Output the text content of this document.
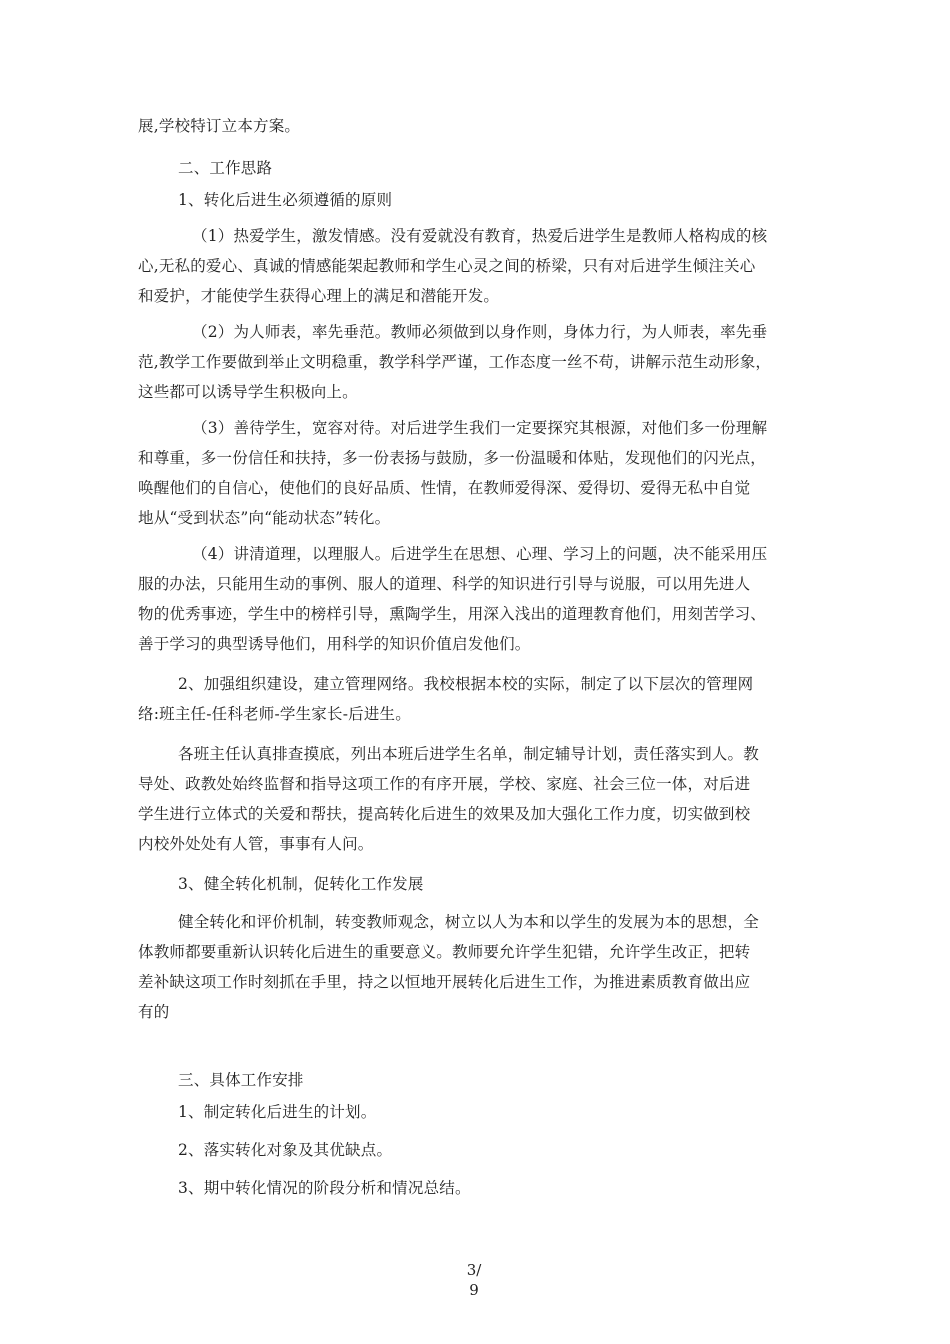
展,学校特订立本方案。
二、工作思路
1、转化后进生必须遵循的原则
（1）热爱学生，激发情感。没有爱就没有教育，热爱后进学生是教师人格构成的核
心,无私的爱心、真诚的情感能架起教师和学生心灵之间的桥梁，只有对后进学生倾注关心
和爱护，才能使学生获得心理上的满足和潜能开发。
（2）为人师表，率先垂范。教师必须做到以身作则，身体力行，为人师表，率先垂
范,教学工作要做到举止文明稳重，教学科学严谨，工作态度一丝不苟，讲解示范生动形象，
这些都可以诱导学生积极向上。
（3）善待学生，宽容对待。对后进学生我们一定要探究其根源，对他们多一份理解
和尊重，多一份信任和扶持，多一份表扬与鼓励，多一份温暖和体贴，发现他们的闪光点，
唤醒他们的自信心，使他们的良好品质、性情，在教师爱得深、爱得切、爱得无私中自觉
地从“受到状态”向“能动状态”转化。
（4）讲清道理，以理服人。后进学生在思想、心理、学习上的问题，决不能采用压
服的办法，只能用生动的事例、服人的道理、科学的知识进行引导与说服，可以用先进人
物的优秀事迹，学生中的榜样引导，熏陶学生，用深入浅出的道理教育他们，用刻苦学习、
善于学习的典型诱导他们，用科学的知识价值启发他们。
2、加强组织建设，建立管理网络。我校根据本校的实际，制定了以下层次的管理网
络:班主任-任科老师-学生家长-后进生。
各班主任认真排查摸底，列出本班后进学生名单，制定辅导计划，责任落实到人。教
导处、政教处始终监督和指导这项工作的有序开展，学校、家庭、社会三位一体，对后进
学生进行立体式的关爱和帮扶，提高转化后进生的效果及加大强化工作力度，切实做到校
内校外处处有人管，事事有人问。
3、健全转化机制，促转化工作发展
健全转化和评价机制，转变教师观念，树立以人为本和以学生的发展为本的思想，全
体教师都要重新认识转化后进生的重要意义。教师要允许学生犯错，允许学生改正，把转
差补缺这项工作时刻抓在手里，持之以恒地开展转化后进生工作，为推进素质教育做出应
有的
三、具体工作安排
1、制定转化后进生的计划。
2、落实转化对象及其优缺点。
3、期中转化情况的阶段分析和情况总结。
3/
9
